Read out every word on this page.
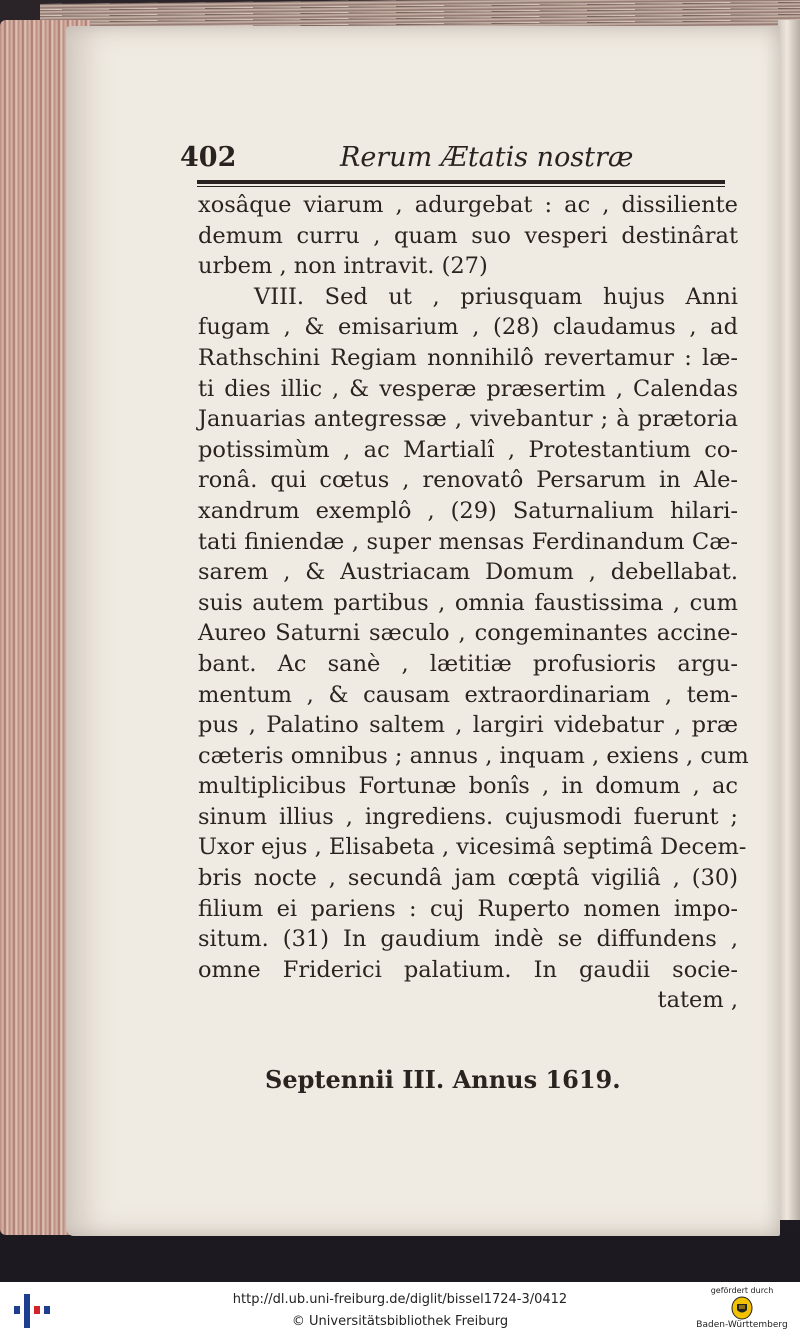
402	Rerum Ætatis nostræ
xosâque viarum , adurgebat : ac , dissiliente
demum curru , quam suo vesperi destinârat
urbem , non intravit. (27)
VIII. Sed ut , priusquam hujus Anni
fugam , & emisarium , (28) claudamus , ad
Rathschini Regiam nonnihilô revertamur : læ-
ti dies illic , & vesperæ præsertim , Calendas
Januarias antegressæ , vivebantur ; à prætoria
potissimùm , ac Martialî , Protestantium co-
ronâ. qui cœtus , renovatô Persarum in Ale-
xandrum exemplô , (29) Saturnalium hilari-
tati finiendæ , super mensas Ferdinandum Cæ-
sarem , & Austriacam Domum , debellabat.
suis autem partibus , omnia faustissima , cum
Aureo Saturni sæculo , congeminantes accine-
bant. Ac sanè , lætitiæ profusioris argu-
mentum , & causam extraordinariam , tem-
pus , Palatino saltem , largiri videbatur , præ
cæteris omnibus ; annus , inquam , exiens , cum
multiplicibus Fortunæ bonîs , in domum , ac
sinum illius , ingrediens. cujusmodi fuerunt ;
Uxor ejus , Elisabeta , vicesimâ septimâ Decem-
bris nocte , secundâ jam cœptâ vigiliâ , (30)
filium ei pariens : cuj Ruperto nomen impo-
situm. (31) In gaudium indè se diffundens ,
omne Friderici palatium. In gaudii socie-
tatem ,
Septennii III. Annus 1619.
http://dl.ub.uni-freiburg.de/diglit/bissel1724-3/0412
© Universitätsbibliothek Freiburg
gefördert durch
Baden-Württemberg
